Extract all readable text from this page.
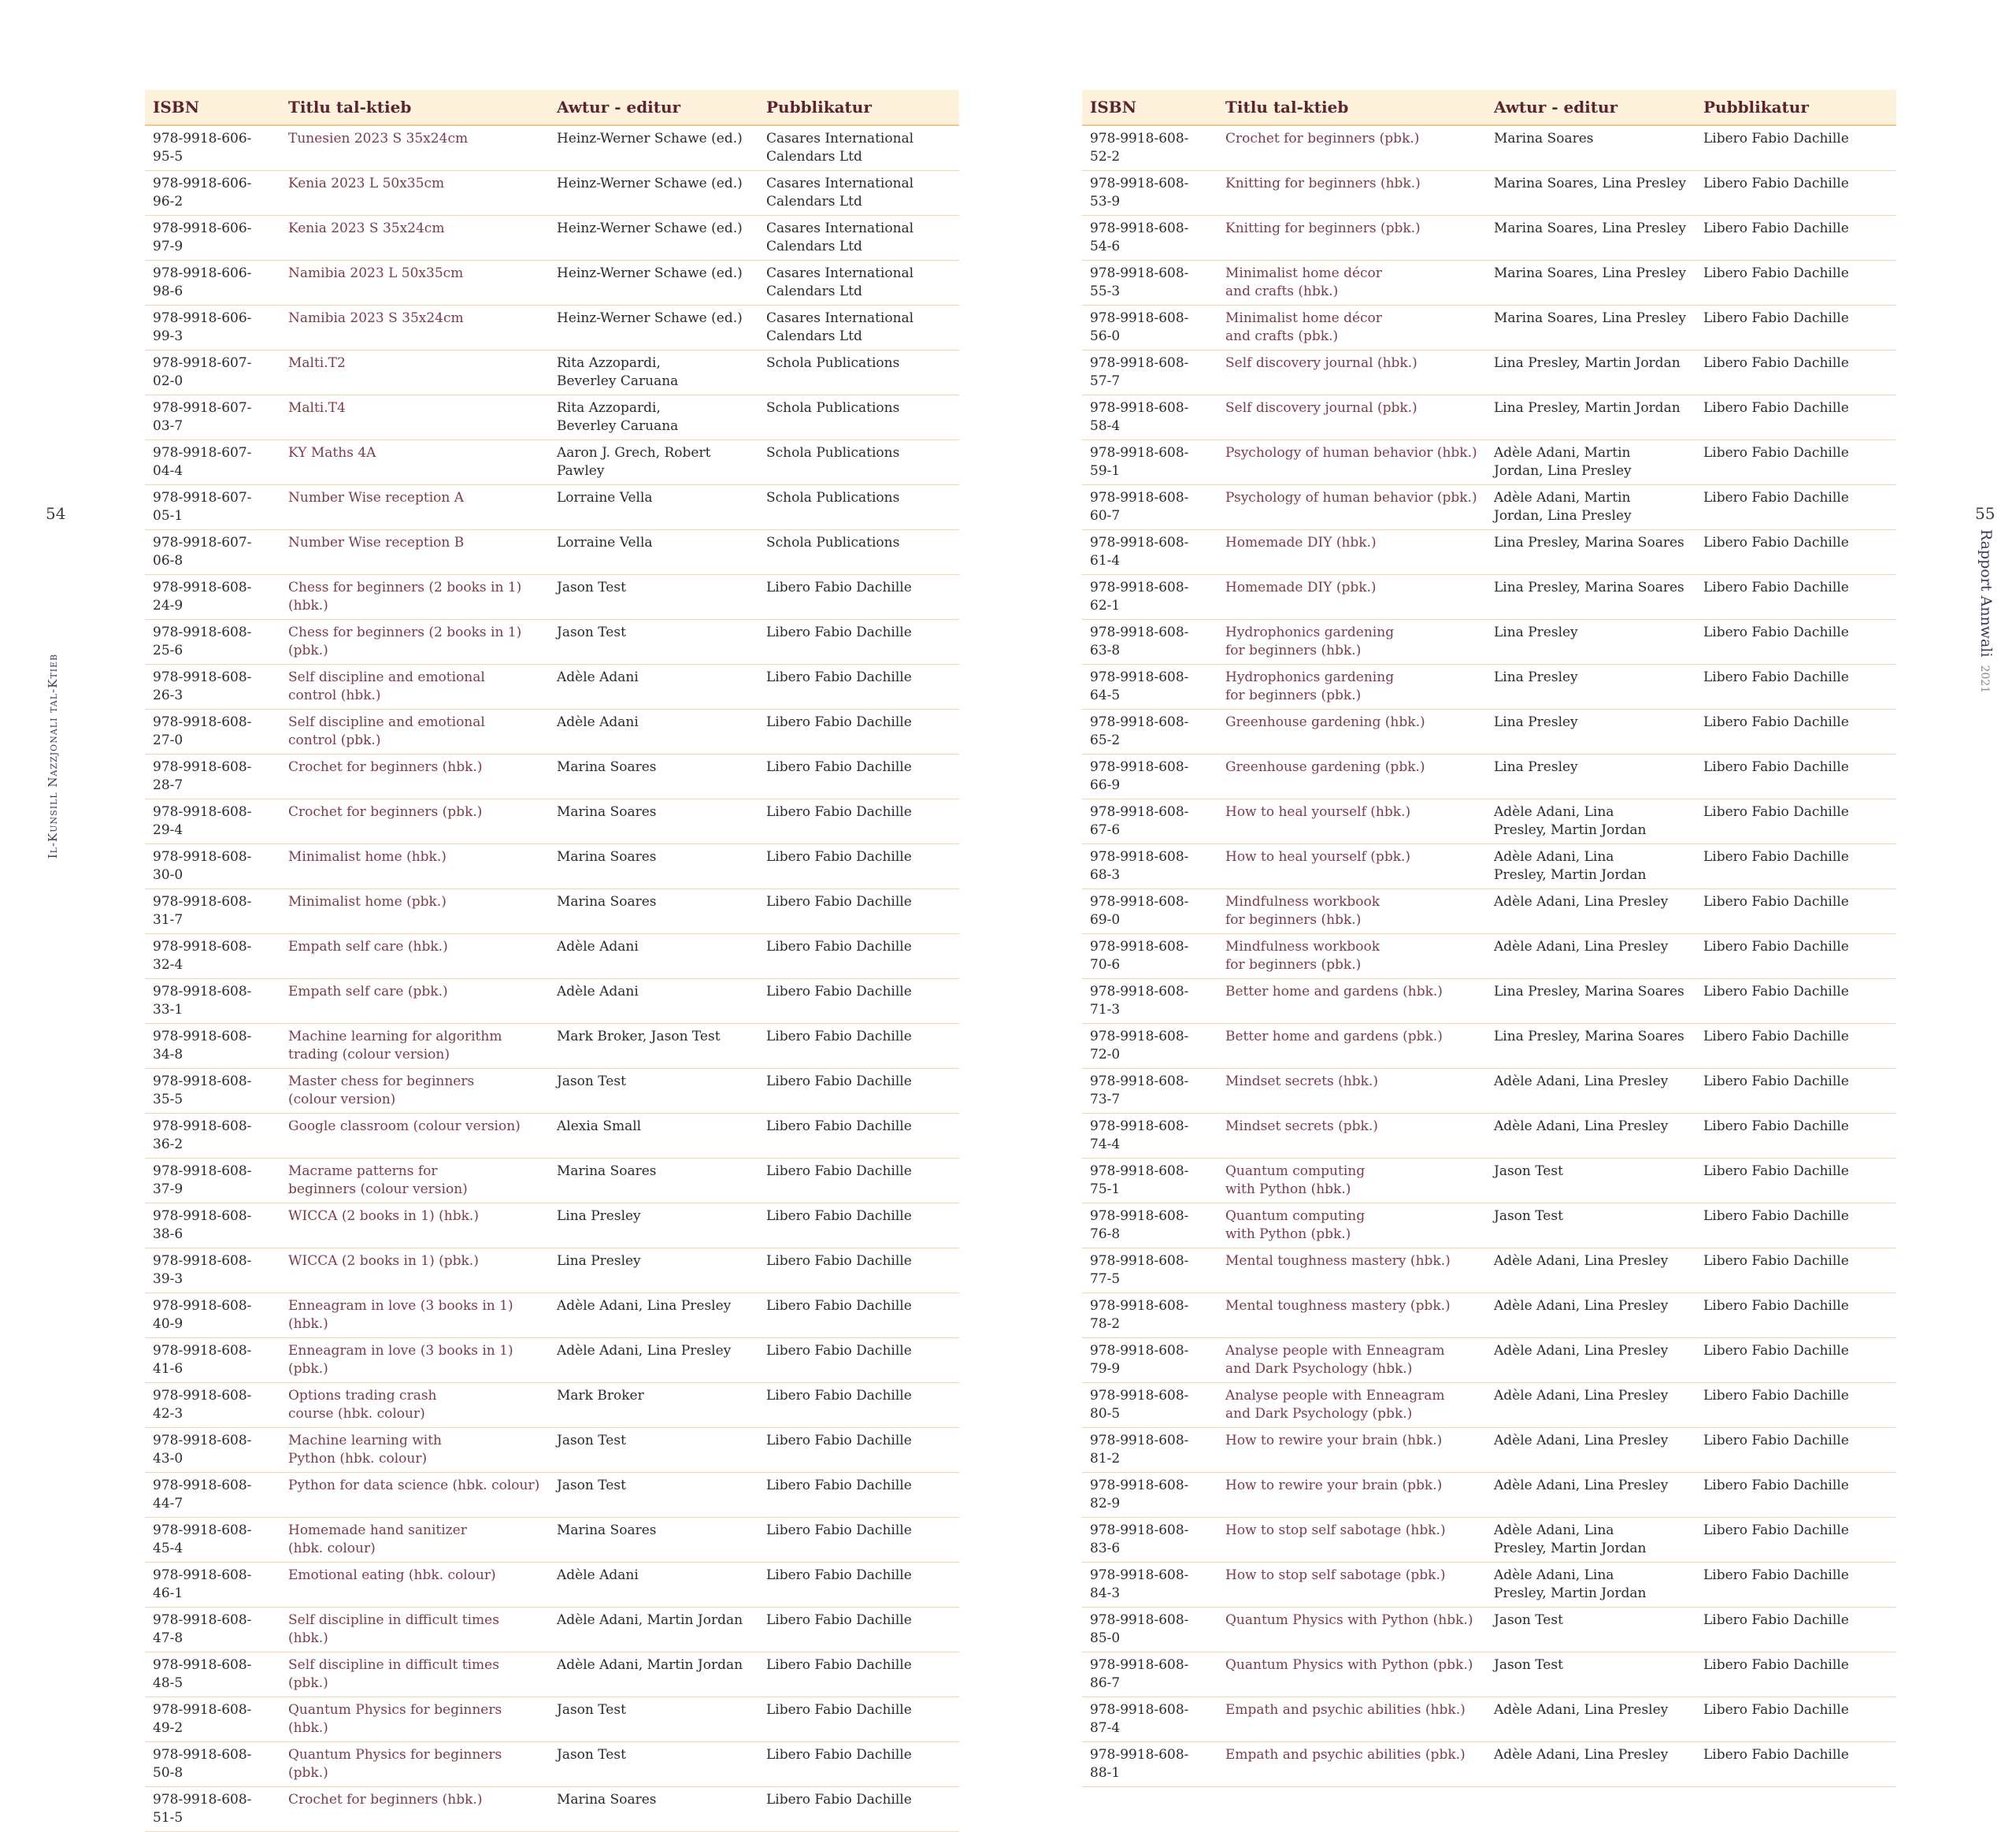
54
Il-Kunsill Nazzjonali tal-Ktieb
ISBN	Titlu tal-ktieb	Awtur - editur	Pubblikatur

978-9918-606-95-5	Tunesien 2023 S 35x24cm	Heinz-Werner Schawe (ed.)	Casares International
Calendars Ltd

978-9918-606-96-2	Kenia 2023 L 50x35cm	Heinz-Werner Schawe (ed.)	Casares International
Calendars Ltd

978-9918-606-97-9	Kenia 2023 S 35x24cm	Heinz-Werner Schawe (ed.)	Casares International
Calendars Ltd

978-9918-606-98-6	Namibia 2023 L 50x35cm	Heinz-Werner Schawe (ed.)	Casares International
Calendars Ltd

978-9918-606-99-3	Namibia 2023 S 35x24cm	Heinz-Werner Schawe (ed.)	Casares International
Calendars Ltd

978-9918-607-02-0	Malti.T2	Rita Azzopardi,
Beverley Caruana	Schola Publications

978-9918-607-03-7	Malti.T4	Rita Azzopardi,
Beverley Caruana	Schola Publications

978-9918-607-04-4	KY Maths 4A	Aaron J. Grech, Robert Pawley	Schola Publications

978-9918-607-05-1	Number Wise reception A	Lorraine Vella	Schola Publications

978-9918-607-06-8	Number Wise reception B	Lorraine Vella	Schola Publications

978-9918-608-24-9	Chess for beginners (2 books in 1) (hbk.)	Jason Test	Libero Fabio Dachille

978-9918-608-25-6	Chess for beginners (2 books in 1) (pbk.)	Jason Test	Libero Fabio Dachille

978-9918-608-26-3	Self discipline and emotional
control (hbk.)	Adèle Adani	Libero Fabio Dachille

978-9918-608-27-0	Self discipline and emotional
control (pbk.)	Adèle Adani	Libero Fabio Dachille

978-9918-608-28-7	Crochet for beginners (hbk.)	Marina Soares	Libero Fabio Dachille

978-9918-608-29-4	Crochet for beginners (pbk.)	Marina Soares	Libero Fabio Dachille

978-9918-608-30-0	Minimalist home (hbk.)	Marina Soares	Libero Fabio Dachille

978-9918-608-31-7	Minimalist home (pbk.)	Marina Soares	Libero Fabio Dachille

978-9918-608-32-4	Empath self care (hbk.)	Adèle Adani	Libero Fabio Dachille

978-9918-608-33-1	Empath self care (pbk.)	Adèle Adani	Libero Fabio Dachille

978-9918-608-34-8	Machine learning for algorithm
trading (colour version)	Mark Broker, Jason Test	Libero Fabio Dachille

978-9918-608-35-5	Master chess for beginners
(colour version)	Jason Test	Libero Fabio Dachille

978-9918-608-36-2	Google classroom (colour version)	Alexia Small	Libero Fabio Dachille

978-9918-608-37-9	Macrame patterns for
beginners (colour version)	Marina Soares	Libero Fabio Dachille

978-9918-608-38-6	WICCA (2 books in 1) (hbk.)	Lina Presley	Libero Fabio Dachille

978-9918-608-39-3	WICCA (2 books in 1) (pbk.)	Lina Presley	Libero Fabio Dachille

978-9918-608-40-9	Enneagram in love (3 books in 1) (hbk.)	Adèle Adani, Lina Presley	Libero Fabio Dachille

978-9918-608-41-6	Enneagram in love (3 books in 1) (pbk.)	Adèle Adani, Lina Presley	Libero Fabio Dachille

978-9918-608-42-3	Options trading crash
course (hbk. colour)	Mark Broker	Libero Fabio Dachille

978-9918-608-43-0	Machine learning with
Python (hbk. colour)	Jason Test	Libero Fabio Dachille

978-9918-608-44-7	Python for data science (hbk. colour)	Jason Test	Libero Fabio Dachille

978-9918-608-45-4	Homemade hand sanitizer
(hbk. colour)	Marina Soares	Libero Fabio Dachille

978-9918-608-46-1	Emotional eating (hbk. colour)	Adèle Adani	Libero Fabio Dachille

978-9918-608-47-8	Self discipline in difficult times (hbk.)	Adèle Adani, Martin Jordan	Libero Fabio Dachille

978-9918-608-48-5	Self discipline in difficult times (pbk.)	Adèle Adani, Martin Jordan	Libero Fabio Dachille

978-9918-608-49-2	Quantum Physics for beginners (hbk.)	Jason Test	Libero Fabio Dachille

978-9918-608-50-8	Quantum Physics for beginners (pbk.)	Jason Test	Libero Fabio Dachille

978-9918-608-51-5	Crochet for beginners (hbk.)	Marina Soares	Libero Fabio Dachille
55
Rapport Annwali2021
ISBN	Titlu tal-ktieb	Awtur - editur	Pubblikatur

978-9918-608-52-2	Crochet for beginners (pbk.)	Marina Soares	Libero Fabio Dachille

978-9918-608-53-9	Knitting for beginners (hbk.)	Marina Soares, Lina Presley	Libero Fabio Dachille

978-9918-608-54-6	Knitting for beginners (pbk.)	Marina Soares, Lina Presley	Libero Fabio Dachille

978-9918-608-55-3	Minimalist home décor
and crafts (hbk.)	Marina Soares, Lina Presley	Libero Fabio Dachille

978-9918-608-56-0	Minimalist home décor
and crafts (pbk.)	Marina Soares, Lina Presley	Libero Fabio Dachille

978-9918-608-57-7	Self discovery journal (hbk.)	Lina Presley, Martin Jordan	Libero Fabio Dachille

978-9918-608-58-4	Self discovery journal (pbk.)	Lina Presley, Martin Jordan	Libero Fabio Dachille

978-9918-608-59-1	Psychology of human behavior (hbk.)	Adèle Adani, Martin
Jordan, Lina Presley	Libero Fabio Dachille

978-9918-608-60-7	Psychology of human behavior (pbk.)	Adèle Adani, Martin
Jordan, Lina Presley	Libero Fabio Dachille

978-9918-608-61-4	Homemade DIY (hbk.)	Lina Presley, Marina Soares	Libero Fabio Dachille

978-9918-608-62-1	Homemade DIY (pbk.)	Lina Presley, Marina Soares	Libero Fabio Dachille

978-9918-608-63-8	Hydrophonics gardening
for beginners (hbk.)	Lina Presley	Libero Fabio Dachille

978-9918-608-64-5	Hydrophonics gardening
for beginners (pbk.)	Lina Presley	Libero Fabio Dachille

978-9918-608-65-2	Greenhouse gardening (hbk.)	Lina Presley	Libero Fabio Dachille

978-9918-608-66-9	Greenhouse gardening (pbk.)	Lina Presley	Libero Fabio Dachille

978-9918-608-67-6	How to heal yourself (hbk.)	Adèle Adani, Lina
Presley, Martin Jordan	Libero Fabio Dachille

978-9918-608-68-3	How to heal yourself (pbk.)	Adèle Adani, Lina
Presley, Martin Jordan	Libero Fabio Dachille

978-9918-608-69-0	Mindfulness workbook
for beginners (hbk.)	Adèle Adani, Lina Presley	Libero Fabio Dachille

978-9918-608-70-6	Mindfulness workbook
for beginners (pbk.)	Adèle Adani, Lina Presley	Libero Fabio Dachille

978-9918-608-71-3	Better home and gardens (hbk.)	Lina Presley, Marina Soares	Libero Fabio Dachille

978-9918-608-72-0	Better home and gardens (pbk.)	Lina Presley, Marina Soares	Libero Fabio Dachille

978-9918-608-73-7	Mindset secrets (hbk.)	Adèle Adani, Lina Presley	Libero Fabio Dachille

978-9918-608-74-4	Mindset secrets (pbk.)	Adèle Adani, Lina Presley	Libero Fabio Dachille

978-9918-608-75-1	Quantum computing
with Python (hbk.)	Jason Test	Libero Fabio Dachille

978-9918-608-76-8	Quantum computing
with Python (pbk.)	Jason Test	Libero Fabio Dachille

978-9918-608-77-5	Mental toughness mastery (hbk.)	Adèle Adani, Lina Presley	Libero Fabio Dachille

978-9918-608-78-2	Mental toughness mastery (pbk.)	Adèle Adani, Lina Presley	Libero Fabio Dachille

978-9918-608-79-9	Analyse people with Enneagram
and Dark Psychology (hbk.)	Adèle Adani, Lina Presley	Libero Fabio Dachille

978-9918-608-80-5	Analyse people with Enneagram
and Dark Psychology (pbk.)	Adèle Adani, Lina Presley	Libero Fabio Dachille

978-9918-608-81-2	How to rewire your brain (hbk.)	Adèle Adani, Lina Presley	Libero Fabio Dachille

978-9918-608-82-9	How to rewire your brain (pbk.)	Adèle Adani, Lina Presley	Libero Fabio Dachille

978-9918-608-83-6	How to stop self sabotage (hbk.)	Adèle Adani, Lina
Presley, Martin Jordan	Libero Fabio Dachille

978-9918-608-84-3	How to stop self sabotage (pbk.)	Adèle Adani, Lina
Presley, Martin Jordan	Libero Fabio Dachille

978-9918-608-85-0	Quantum Physics with Python (hbk.)	Jason Test	Libero Fabio Dachille

978-9918-608-86-7	Quantum Physics with Python (pbk.)	Jason Test	Libero Fabio Dachille

978-9918-608-87-4	Empath and psychic abilities (hbk.)	Adèle Adani, Lina Presley	Libero Fabio Dachille

978-9918-608-88-1	Empath and psychic abilities (pbk.)	Adèle Adani, Lina Presley	Libero Fabio Dachille
